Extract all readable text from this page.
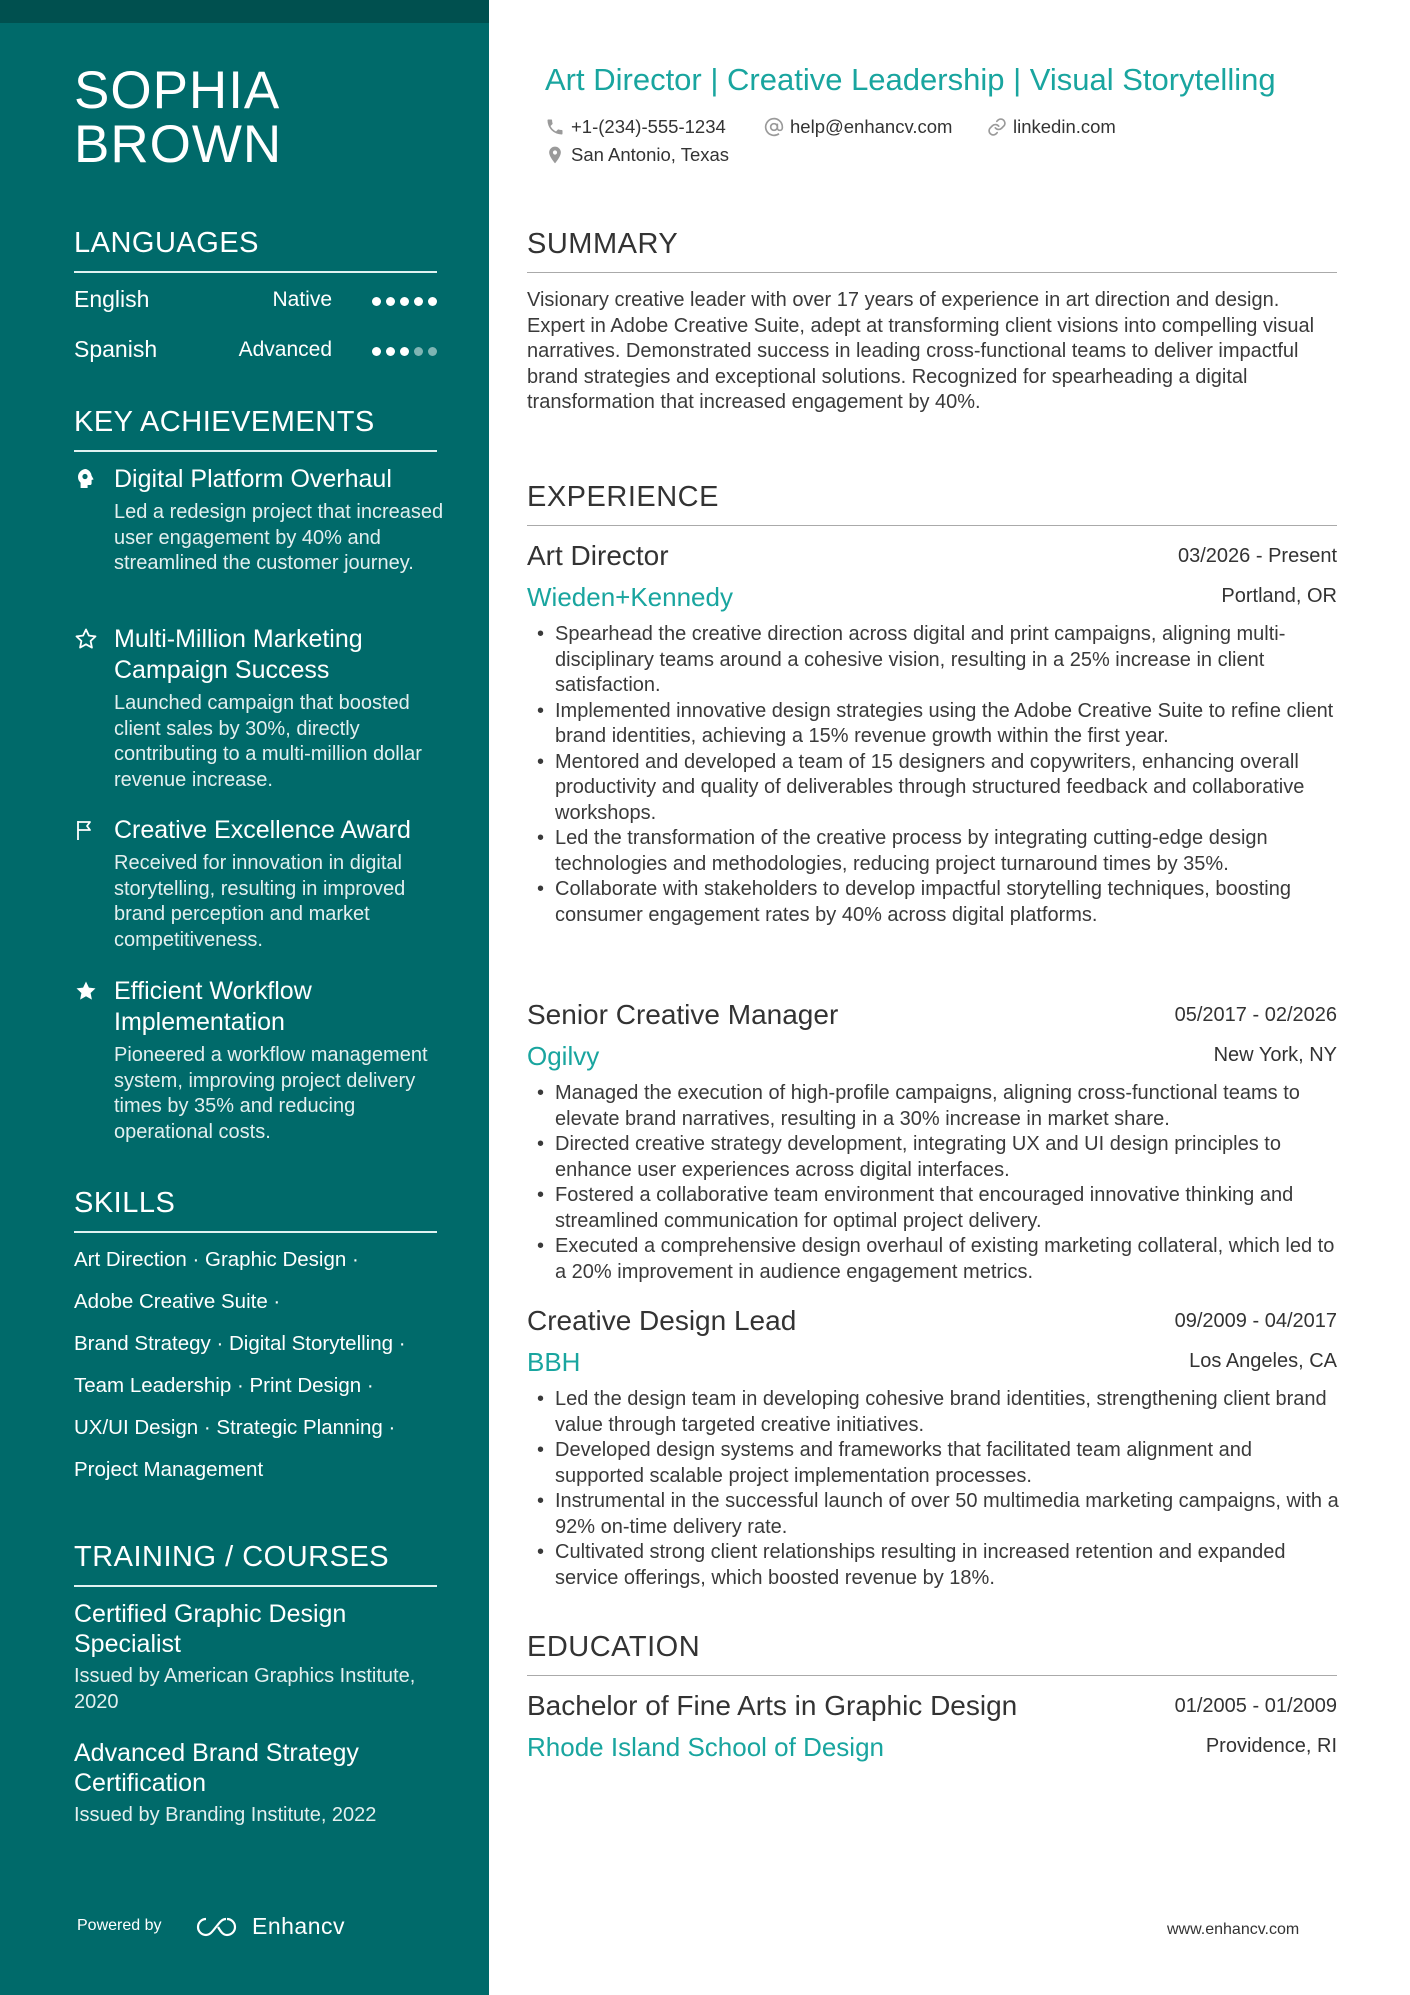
SOPHIA
BROWN
LANGUAGES
English	Native
Spanish	Advanced
KEY ACHIEVEMENTS
Digital Platform Overhaul
Led a redesign project that increased user engagement by 40% and streamlined the customer journey.
Multi-Million Marketing Campaign Success
Launched campaign that boosted client sales by 30%, directly contributing to a multi-million dollar revenue increase.
Creative Excellence Award
Received for innovation in digital storytelling, resulting in improved brand perception and market competitiveness.
Efficient Workflow Implementation
Pioneered a workflow management system, improving project delivery times by 35% and reducing operational costs.
SKILLS
Art Direction · Graphic Design ·
Adobe Creative Suite ·
Brand Strategy · Digital Storytelling ·
Team Leadership · Print Design ·
UX/UI Design · Strategic Planning ·
Project Management
TRAINING / COURSES
Certified Graphic Design Specialist
Issued by American Graphics Institute, 2020
Advanced Brand Strategy Certification
Issued by Branding Institute, 2022
Powered by	Enhancv
Art Director | Creative Leadership | Visual Storytelling
+1-(234)-555-1234	help@enhancv.com	linkedin.com
San Antonio, Texas
SUMMARY
Visionary creative leader with over 17 years of experience in art direction and design. Expert in Adobe Creative Suite, adept at transforming client visions into compelling visual narratives. Demonstrated success in leading cross-functional teams to deliver impactful brand strategies and exceptional solutions. Recognized for spearheading a digital transformation that increased engagement by 40%.
EXPERIENCE
Art Director	03/2026 - Present
Wieden+Kennedy	Portland, OR
• Spearhead the creative direction across digital and print campaigns, aligning multi-disciplinary teams around a cohesive vision, resulting in a 25% increase in client satisfaction.
• Implemented innovative design strategies using the Adobe Creative Suite to refine client brand identities, achieving a 15% revenue growth within the first year.
• Mentored and developed a team of 15 designers and copywriters, enhancing overall productivity and quality of deliverables through structured feedback and collaborative workshops.
• Led the transformation of the creative process by integrating cutting-edge design technologies and methodologies, reducing project turnaround times by 35%.
• Collaborate with stakeholders to develop impactful storytelling techniques, boosting consumer engagement rates by 40% across digital platforms.
Senior Creative Manager	05/2017 - 02/2026
Ogilvy	New York, NY
• Managed the execution of high-profile campaigns, aligning cross-functional teams to elevate brand narratives, resulting in a 30% increase in market share.
• Directed creative strategy development, integrating UX and UI design principles to enhance user experiences across digital interfaces.
• Fostered a collaborative team environment that encouraged innovative thinking and streamlined communication for optimal project delivery.
• Executed a comprehensive design overhaul of existing marketing collateral, which led to a 20% improvement in audience engagement metrics.
Creative Design Lead	09/2009 - 04/2017
BBH	Los Angeles, CA
• Led the design team in developing cohesive brand identities, strengthening client brand value through targeted creative initiatives.
• Developed design systems and frameworks that facilitated team alignment and supported scalable project implementation processes.
• Instrumental in the successful launch of over 50 multimedia marketing campaigns, with a 92% on-time delivery rate.
• Cultivated strong client relationships resulting in increased retention and expanded service offerings, which boosted revenue by 18%.
EDUCATION
Bachelor of Fine Arts in Graphic Design	01/2005 - 01/2009
Rhode Island School of Design	Providence, RI
www.enhancv.com
